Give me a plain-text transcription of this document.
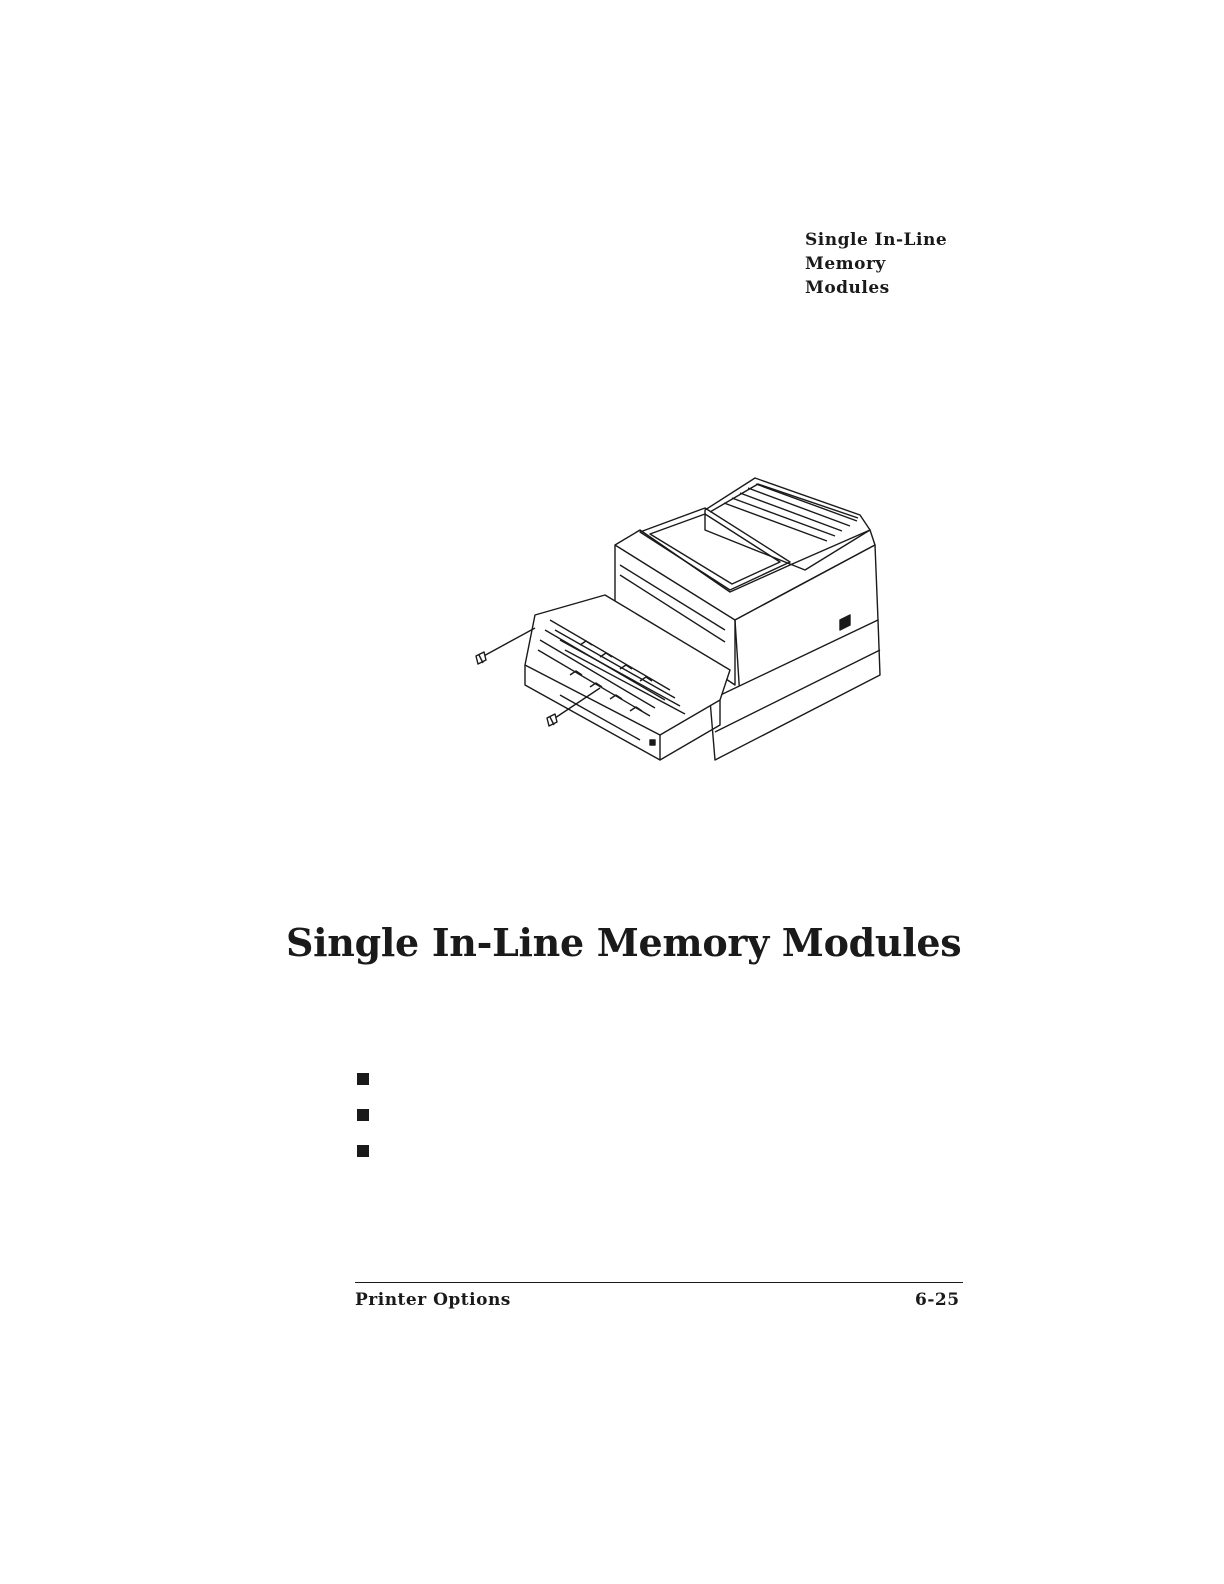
Single In-Line
Memory
Modules
Single In-Line Memory Modules
Printer Options	6-25
